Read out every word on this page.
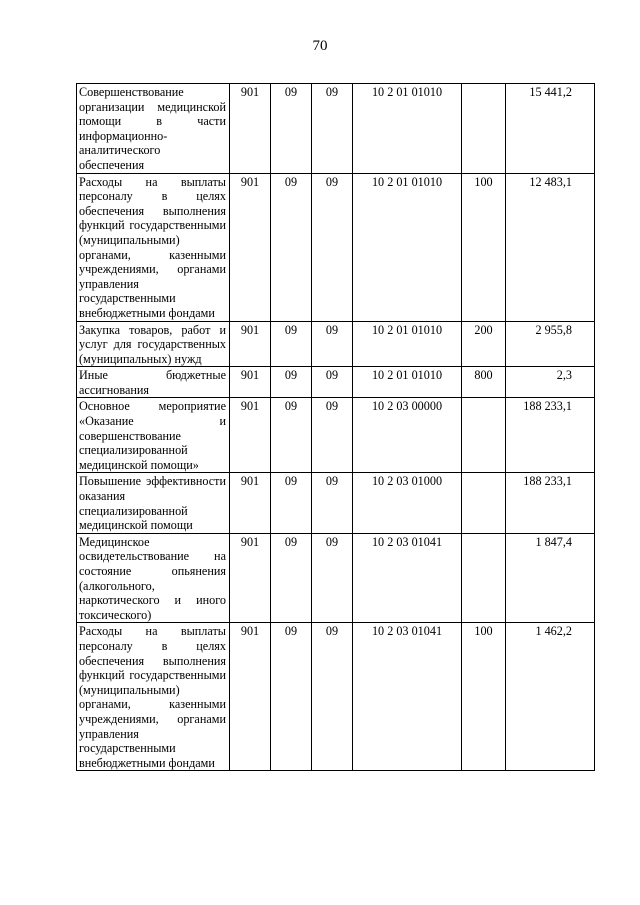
70
Совершенствование организации медицинской помощи в части информационно-аналитического обеспечения	901	09	09	10 2 01 01010		15 441,2
Расходы на выплаты персоналу в целях обеспечения выполнения функций государственными (муниципальными) органами, казенными учреждениями, органами управления государственными внебюджетными фондами	901	09	09	10 2 01 01010	100	12 483,1
Закупка товаров, работ и услуг для государственных (муниципальных) нужд	901	09	09	10 2 01 01010	200	2 955,8
Иные бюджетные ассигнования	901	09	09	10 2 01 01010	800	2,3
Основное мероприятие «Оказание и совершенствование специализированной медицинской помощи»	901	09	09	10 2 03 00000		188 233,1
Повышение эффективности оказания специализированной медицинской помощи	901	09	09	10 2 03 01000		188 233,1
Медицинское освидетельствование на состояние опьянения (алкогольного, наркотического и иного токсического)	901	09	09	10 2 03 01041		1 847,4
Расходы на выплаты персоналу в целях обеспечения выполнения функций государственными (муниципальными) органами, казенными учреждениями, органами управления государственными внебюджетными фондами	901	09	09	10 2 03 01041	100	1 462,2
